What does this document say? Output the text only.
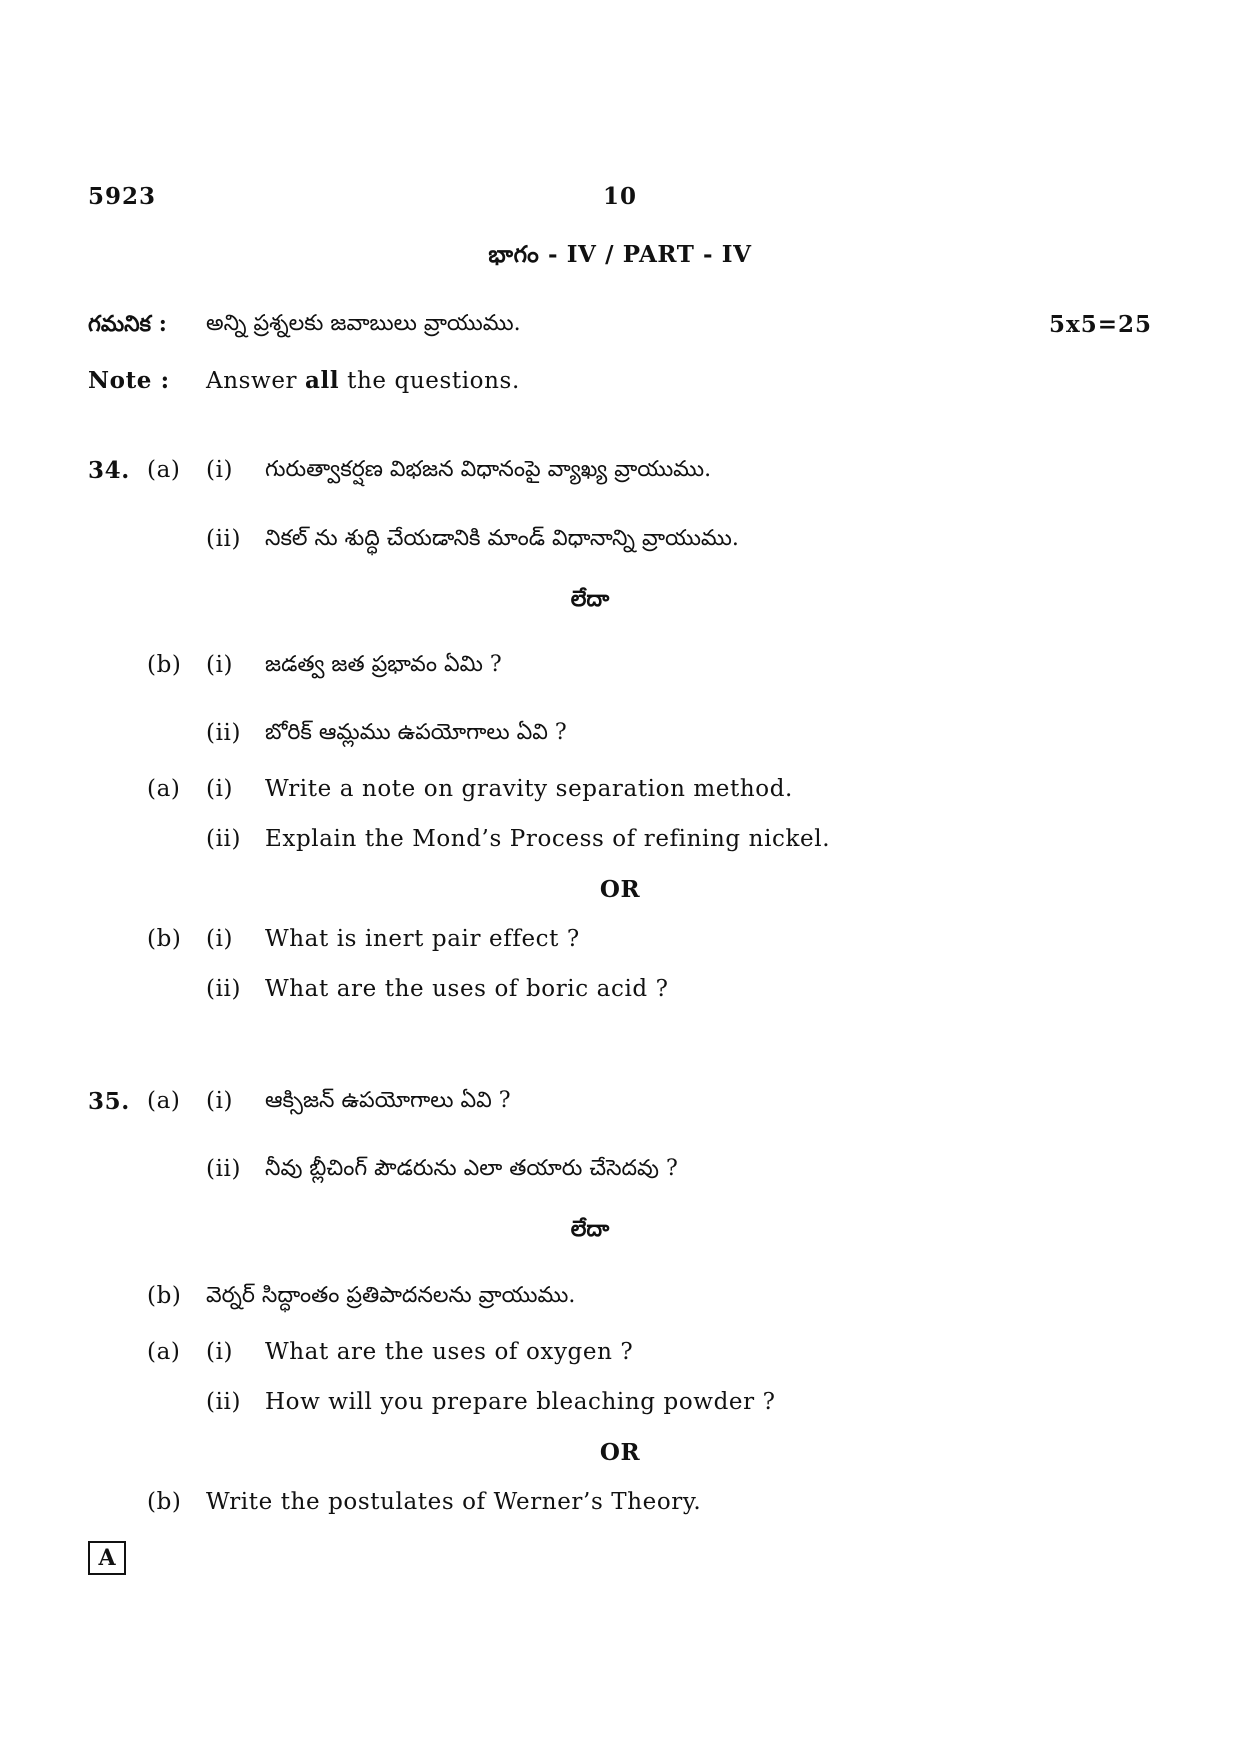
5923	10
భాగం - IV / PART - IV
గమనిక : అన్ని ప్రశ్నలకు జవాబులు వ్రాయుము.	5x5=25
Note : Answer all the questions.
34. (a) (i) గురుత్వాకర్షణ విభజన విధానంపై వ్యాఖ్య వ్రాయుము.
(ii) నికల్ ను శుద్ధి చేయడానికి మాండ్ విధానాన్ని వ్రాయుము.
లేదా
(b) (i) జడత్వ జత ప్రభావం ఏమి ?
(ii) బోరిక్ ఆమ్లము ఉపయోగాలు ఏవి ?
(a) (i) Write a note on gravity separation method.
(ii) Explain the Mond’s Process of refining nickel.
OR
(b) (i) What is inert pair effect ?
(ii) What are the uses of boric acid ?
35. (a) (i) ఆక్సిజన్ ఉపయోగాలు ఏవి ?
(ii) నీవు బ్లీచింగ్ పౌడరును ఎలా తయారు చేసెదవు ?
లేదా
(b) వెర్నర్ సిద్ధాంతం ప్రతిపాదనలను వ్రాయుము.
(a) (i) What are the uses of oxygen ?
(ii) How will you prepare bleaching powder ?
OR
(b) Write the postulates of Werner’s Theory.
A
